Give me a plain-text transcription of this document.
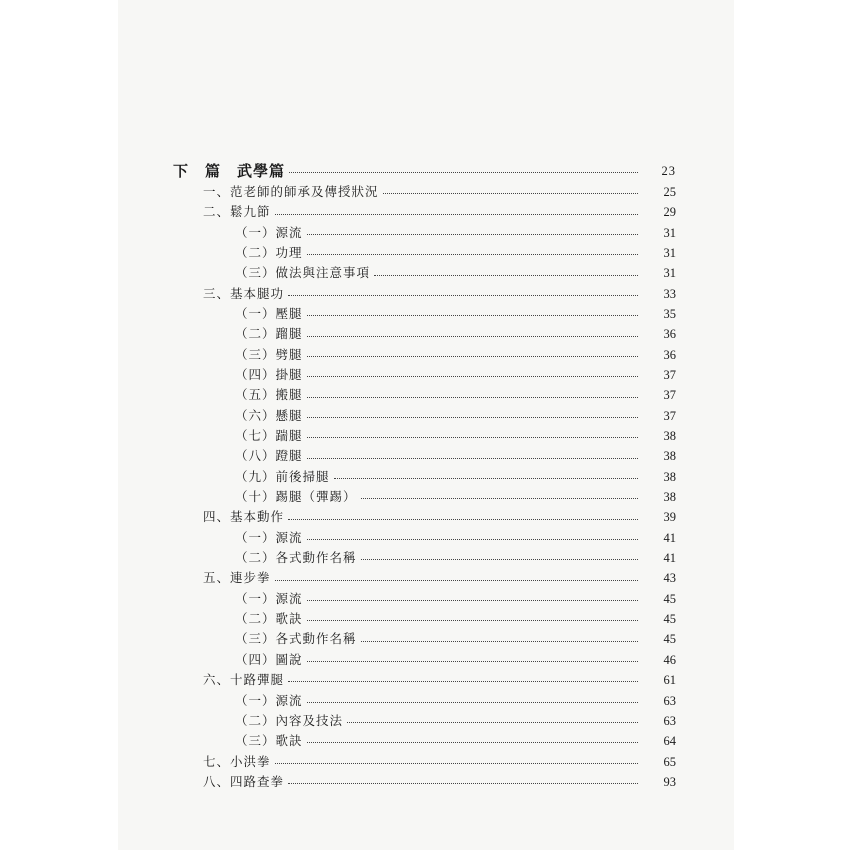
下　篇　武學篇	23
一、范老師的師承及傳授狀況	25
二、鬆九節	29
（一）源流	31
（二）功理	31
（三）做法與注意事項	31
三、基本腿功	33
（一）壓腿	35
（二）蹓腿	36
（三）劈腿	36
（四）掛腿	37
（五）搬腿	37
（六）懸腿	37
（七）踹腿	38
（八）蹬腿	38
（九）前後掃腿	38
（十）踢腿（彈踢）	38
四、基本動作	39
（一）源流	41
（二）各式動作名稱	41
五、連步拳	43
（一）源流	45
（二）歌訣	45
（三）各式動作名稱	45
（四）圖說	46
六、十路彈腿	61
（一）源流	63
（二）內容及技法	63
（三）歌訣	64
七、小洪拳	65
八、四路查拳	93
